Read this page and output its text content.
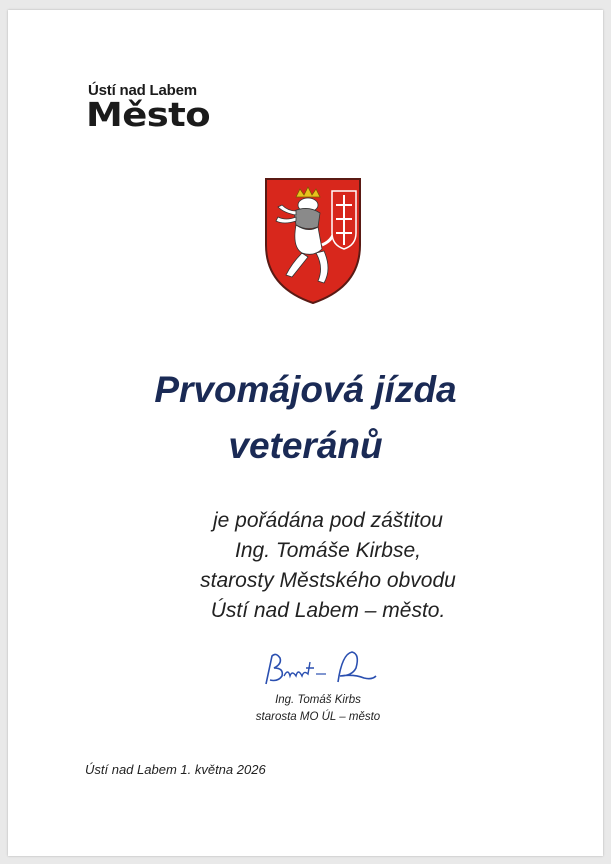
Ústí nad Labem
Město
Prvomájová jízda
veteránů
je pořádána pod záštitou
Ing. Tomáše Kirbse,
starosty Městského obvodu
Ústí nad Labem – město.
Ing. Tomáš Kirbs
starosta MO ÚL – město
Ústí nad Labem 1. května 2026
